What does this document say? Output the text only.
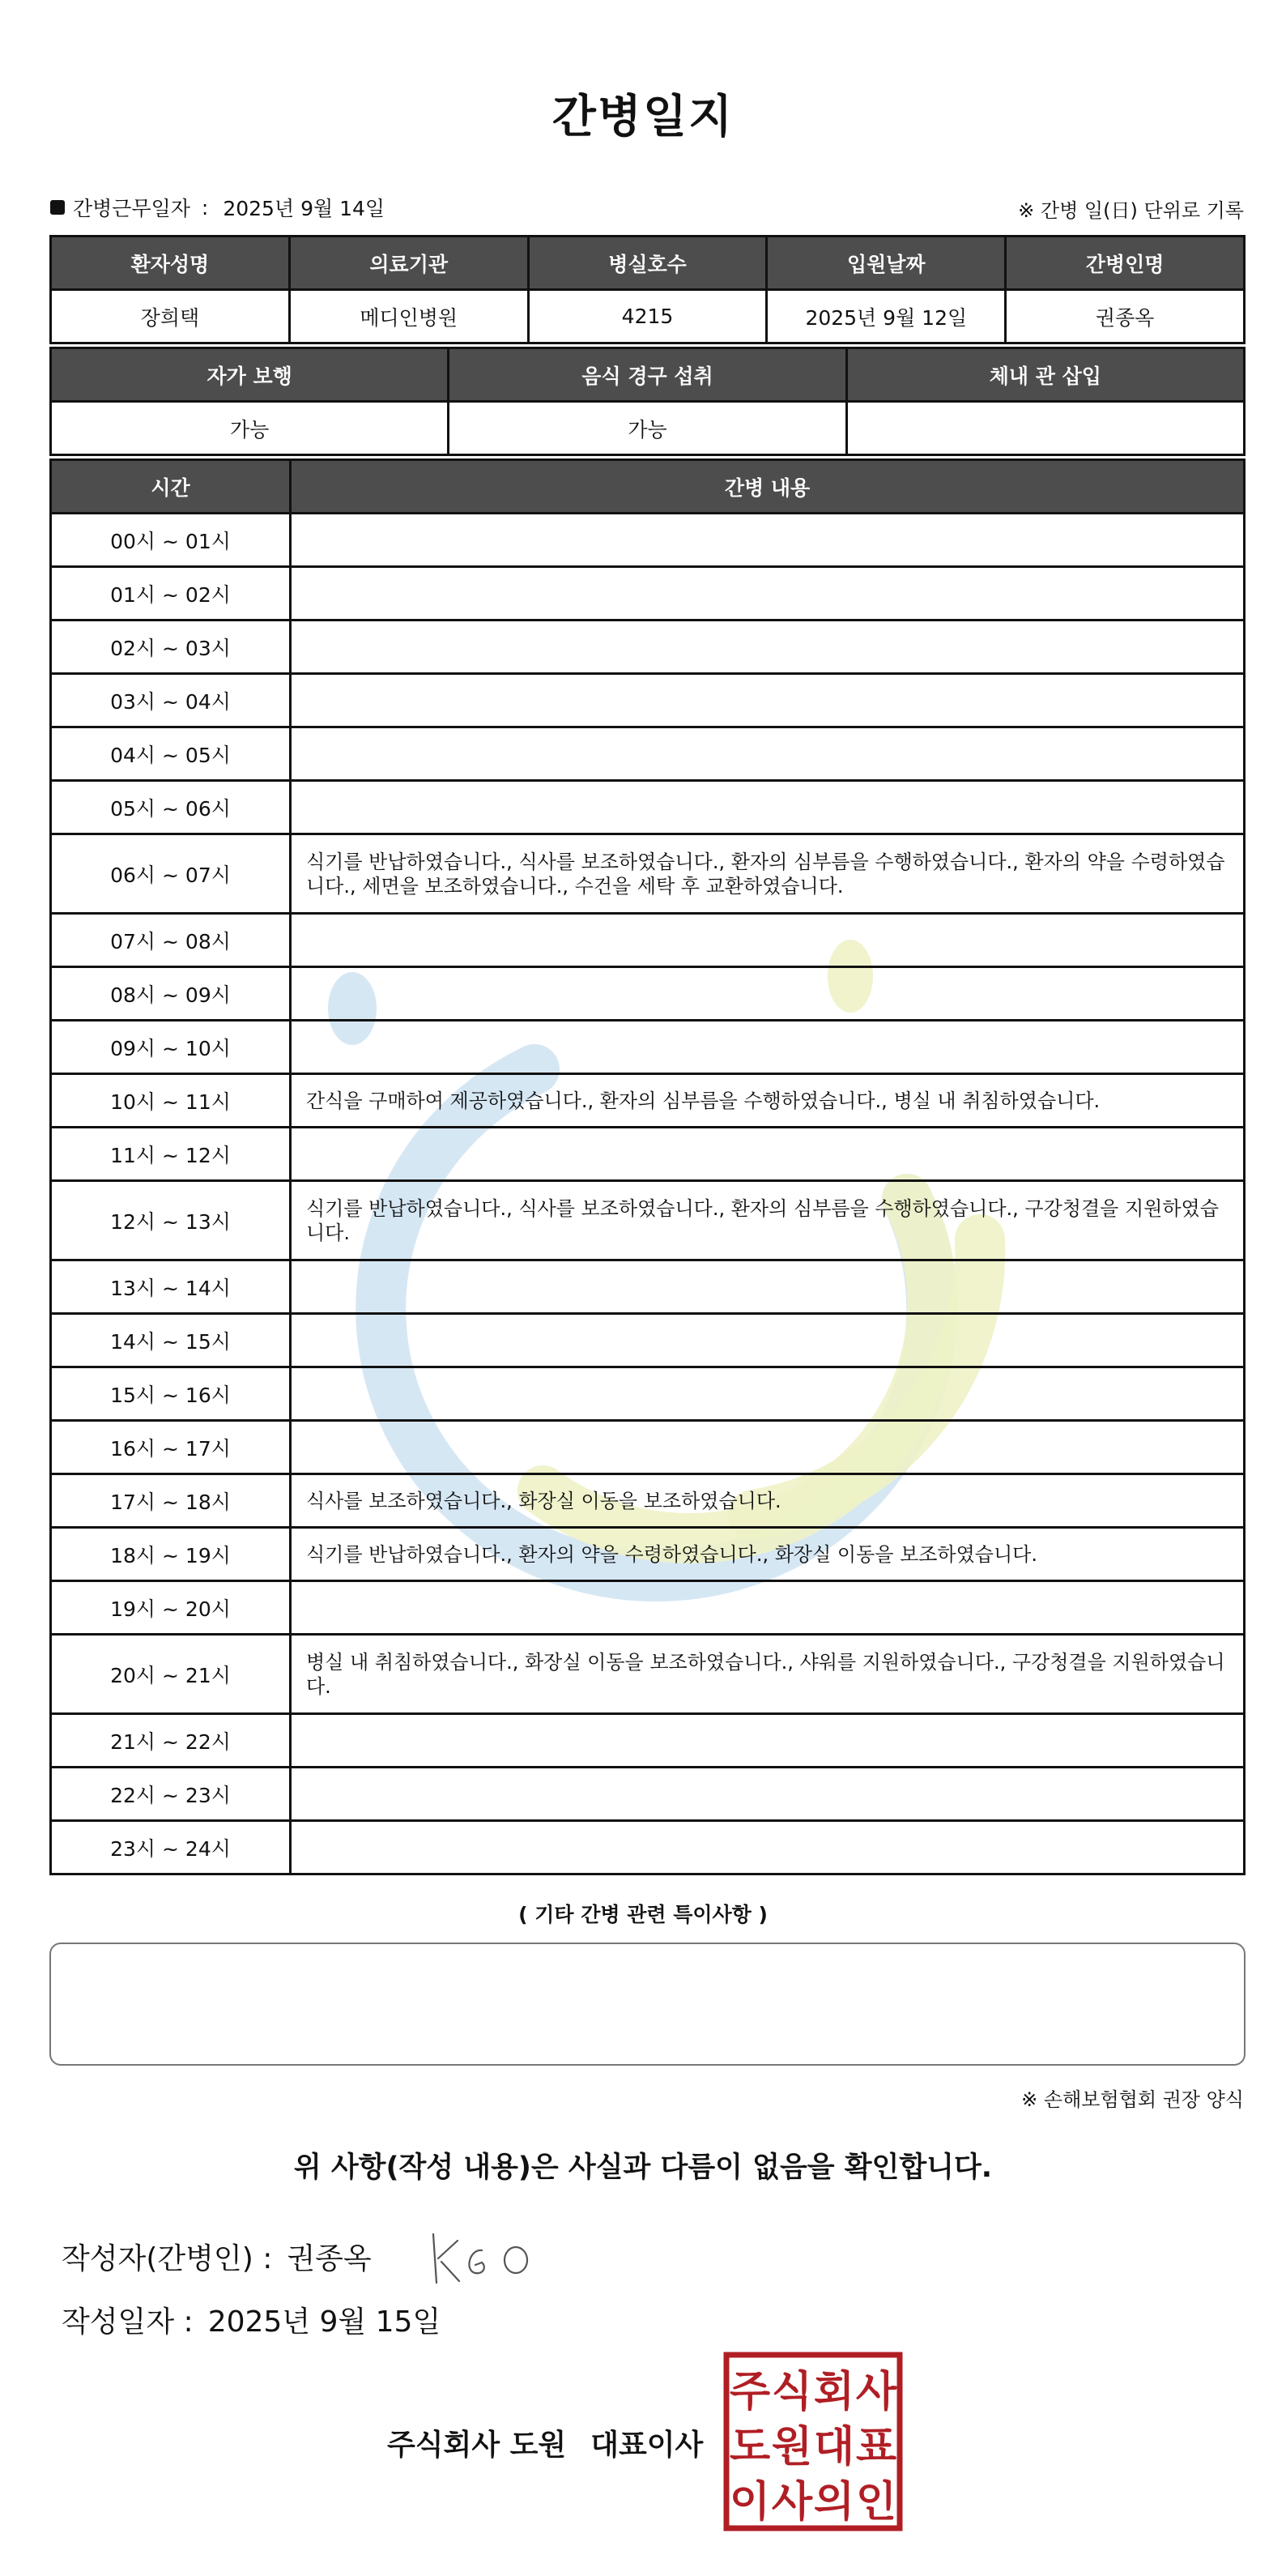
간병일지
간병근무일자 : 2025년 9월 14일	※ 간병 일(日) 단위로 기록
환자성명	의료기관	병실호수	입원날짜	간병인명
장희택	메디인병원	4215	2025년 9월 12일	권종옥
자가 보행	음식 경구 섭취	체내 관 삽입
가능	가능	
시간	간병 내용
00시 ~ 01시	
01시 ~ 02시	
02시 ~ 03시	
03시 ~ 04시	
04시 ~ 05시	
05시 ~ 06시	
06시 ~ 07시	식기를 반납하였습니다., 식사를 보조하였습니다., 환자의 심부름을 수행하였습니다., 환자의 약을 수령하였습니다., 세면을 보조하였습니다., 수건을 세탁 후 교환하였습니다.
07시 ~ 08시	
08시 ~ 09시	
09시 ~ 10시	
10시 ~ 11시	간식을 구매하여 제공하였습니다., 환자의 심부름을 수행하였습니다., 병실 내 취침하였습니다.
11시 ~ 12시	
12시 ~ 13시	식기를 반납하였습니다., 식사를 보조하였습니다., 환자의 심부름을 수행하였습니다., 구강청결을 지원하였습니다.
13시 ~ 14시	
14시 ~ 15시	
15시 ~ 16시	
16시 ~ 17시	
17시 ~ 18시	식사를 보조하였습니다., 화장실 이동을 보조하였습니다.
18시 ~ 19시	식기를 반납하였습니다., 환자의 약을 수령하였습니다., 화장실 이동을 보조하였습니다.
19시 ~ 20시	
20시 ~ 21시	병실 내 취침하였습니다., 화장실 이동을 보조하였습니다., 샤워를 지원하였습니다., 구강청결을 지원하였습니다.
21시 ~ 22시	
22시 ~ 23시	
23시 ~ 24시	
( 기타 간병 관련 특이사항 )
※ 손해보험협회 권장 양식
위 사항(작성 내용)은 사실과 다름이 없음을 확인합니다.
작성자(간병인) : 권종옥
작성일자 : 2025년 9월 15일
주식회사 도원 대표이사
주 식 회 사
도 원 대 표
이 사 의 인
